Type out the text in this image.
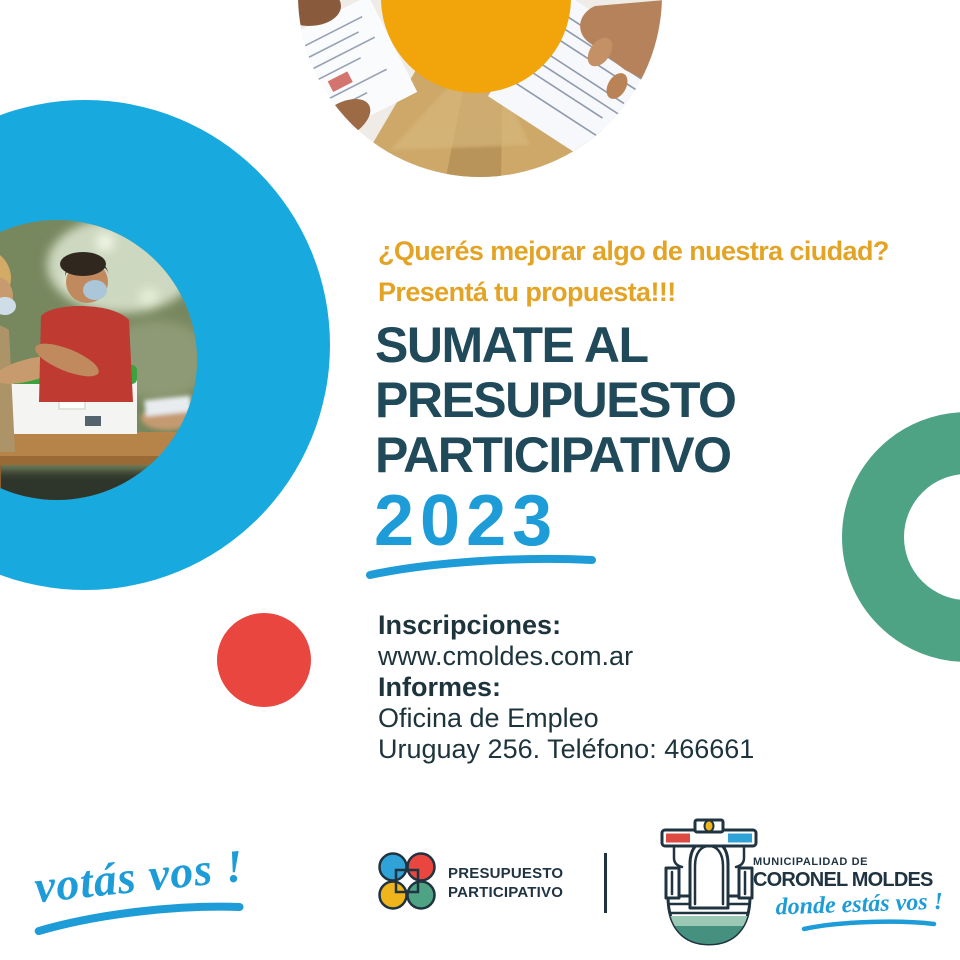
¿Querés mejorar algo de nuestra ciudad?

Presentá tu propuesta!!!

SUMATE AL
PRESUPUESTO
PARTICIPATIVO
2023

Inscripciones:

www.cmoldes.com.ar

Informes:

Oficina de Empleo

Uruguay 256. Teléfono: 466661

votás vos !	PRESUPUESTO
PARTICIPATIVO
MUNICIPALIDAD DE
CORONEL MOLDES
donde estás vos !
